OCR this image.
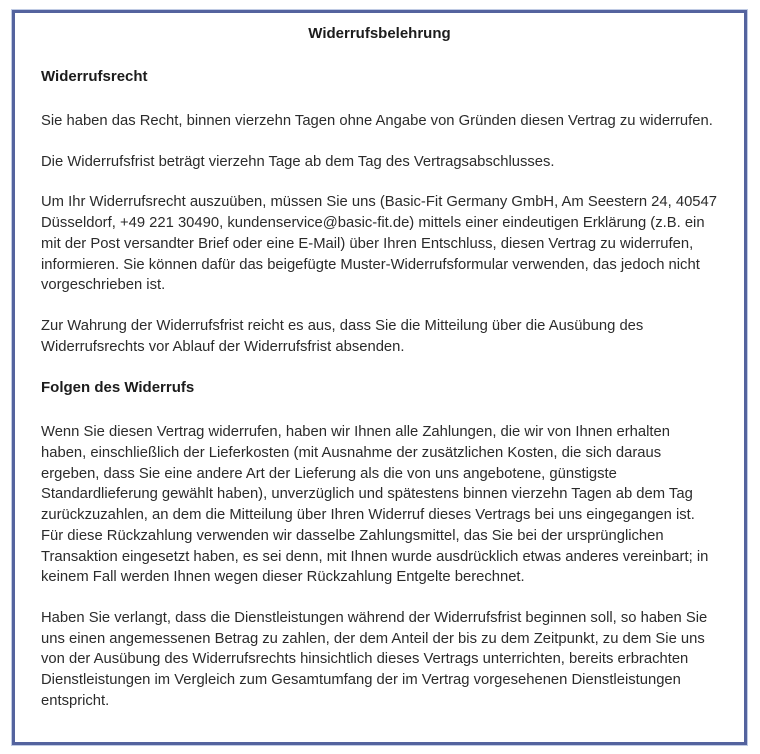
Widerrufsbelehrung
Widerrufsrecht

Sie haben das Recht, binnen vierzehn Tagen ohne Angabe von Gründen diesen Vertrag zu widerrufen.

Die Widerrufsfrist beträgt vierzehn Tage ab dem Tag des Vertragsabschlusses.

Um Ihr Widerrufsrecht auszuüben, müssen Sie uns (Basic-Fit Germany GmbH, Am Seestern 24, 40547 Düsseldorf, +49 221 30490, kundenservice@basic-fit.de) mittels einer eindeutigen Erklärung (z.B. ein mit der Post versandter Brief oder eine E-Mail) über Ihren Entschluss, diesen Vertrag zu widerrufen, informieren. Sie können dafür das beigefügte Muster-Widerrufsformular verwenden, das jedoch nicht vorgeschrieben ist.

Zur Wahrung der Widerrufsfrist reicht es aus, dass Sie die Mitteilung über die Ausübung des Widerrufsrechts vor Ablauf der Widerrufsfrist absenden.

Folgen des Widerrufs

Wenn Sie diesen Vertrag widerrufen, haben wir Ihnen alle Zahlungen, die wir von Ihnen erhalten haben, einschließlich der Lieferkosten (mit Ausnahme der zusätzlichen Kosten, die sich daraus ergeben, dass Sie eine andere Art der Lieferung als die von uns angebotene, günstigste Standardlieferung gewählt haben), unverzüglich und spätestens binnen vierzehn Tagen ab dem Tag zurückzuzahlen, an dem die Mitteilung über Ihren Widerruf dieses Vertrags bei uns eingegangen ist. Für diese Rückzahlung verwenden wir dasselbe Zahlungsmittel, das Sie bei der ursprünglichen Transaktion eingesetzt haben, es sei denn, mit Ihnen wurde ausdrücklich etwas anderes vereinbart; in keinem Fall werden Ihnen wegen dieser Rückzahlung Entgelte berechnet.

Haben Sie verlangt, dass die Dienstleistungen während der Widerrufsfrist beginnen soll, so haben Sie uns einen angemessenen Betrag zu zahlen, der dem Anteil der bis zu dem Zeitpunkt, zu dem Sie uns von der Ausübung des Widerrufsrechts hinsichtlich dieses Vertrags unterrichten, bereits erbrachten Dienstleistungen im Vergleich zum Gesamtumfang der im Vertrag vorgesehenen Dienstleistungen entspricht.
